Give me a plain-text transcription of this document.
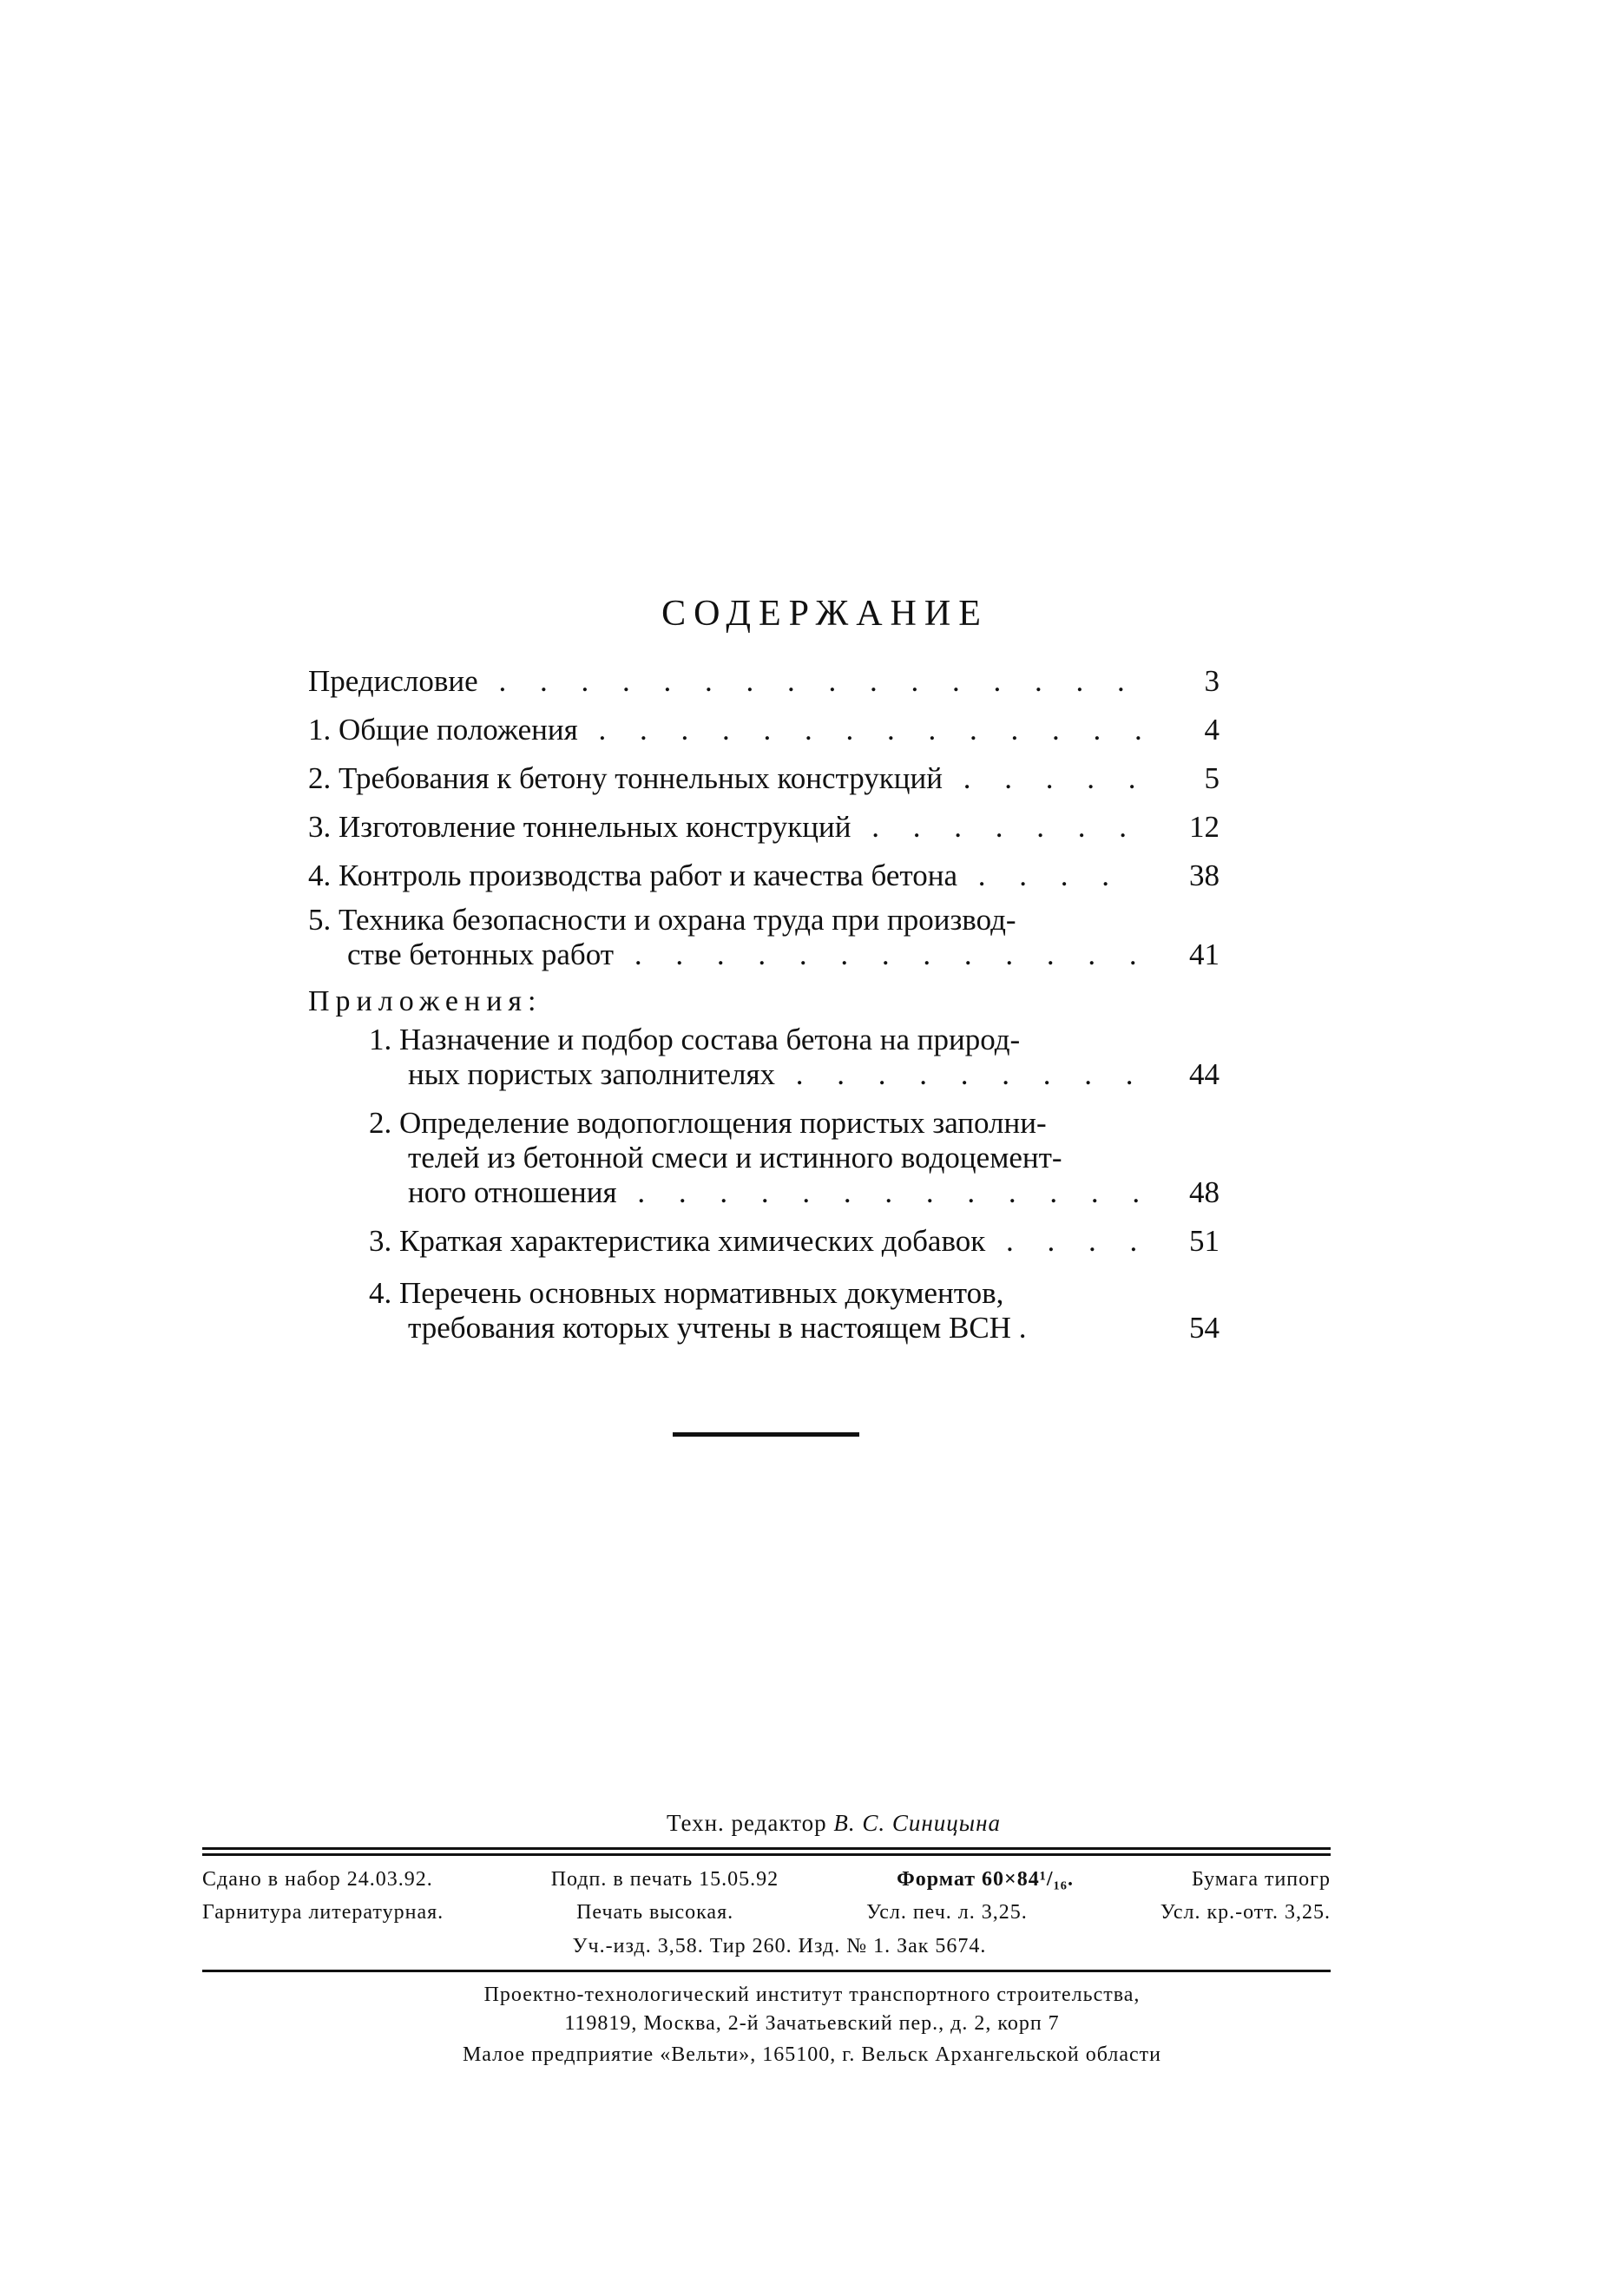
СОДЕРЖАНИЕ
Предисловие . . .	3
1. Общие положения . . .	4
2. Требования к бетону тоннельных конструкций . . .	5
3. Изготовление тоннельных конструкций . . .	12
4. Контроль производства работ и качества бетона . . .	38
5. Техника безопасности и охрана труда при производ-
стве бетонных работ . . .	41
Приложения:
1. Назначение и подбор состава бетона на природ-
ных пористых заполнителях . . .	44
2. Определение водопоглощения пористых заполни-
телей из бетонной смеси и истинного водоцемент-
ного отношения . . .	48
3. Краткая характеристика химических добавок . . .	51
4. Перечень основных нормативных документов,
требования которых учтены в настоящем ВСН .	54
Техн. редактор В. С. Синицына
Сдано в набор 24.03.92.	Подп. в печать 15.05.92	Формат 60×84¹/₁₆.	Бумага типогр
Гарнитура литературная.	Печать высокая.	Усл. печ. л. 3,25.	Усл. кр.-отт. 3,25.
Уч.-изд. 3,58. Тир 260. Изд. № 1. Зак 5674.
Проектно-технологический институт транспортного строительства,
119819, Москва, 2-й Зачатьевский пер., д. 2, корп 7
Малое предприятие «Вельти», 165100, г. Вельск Архангельской области
